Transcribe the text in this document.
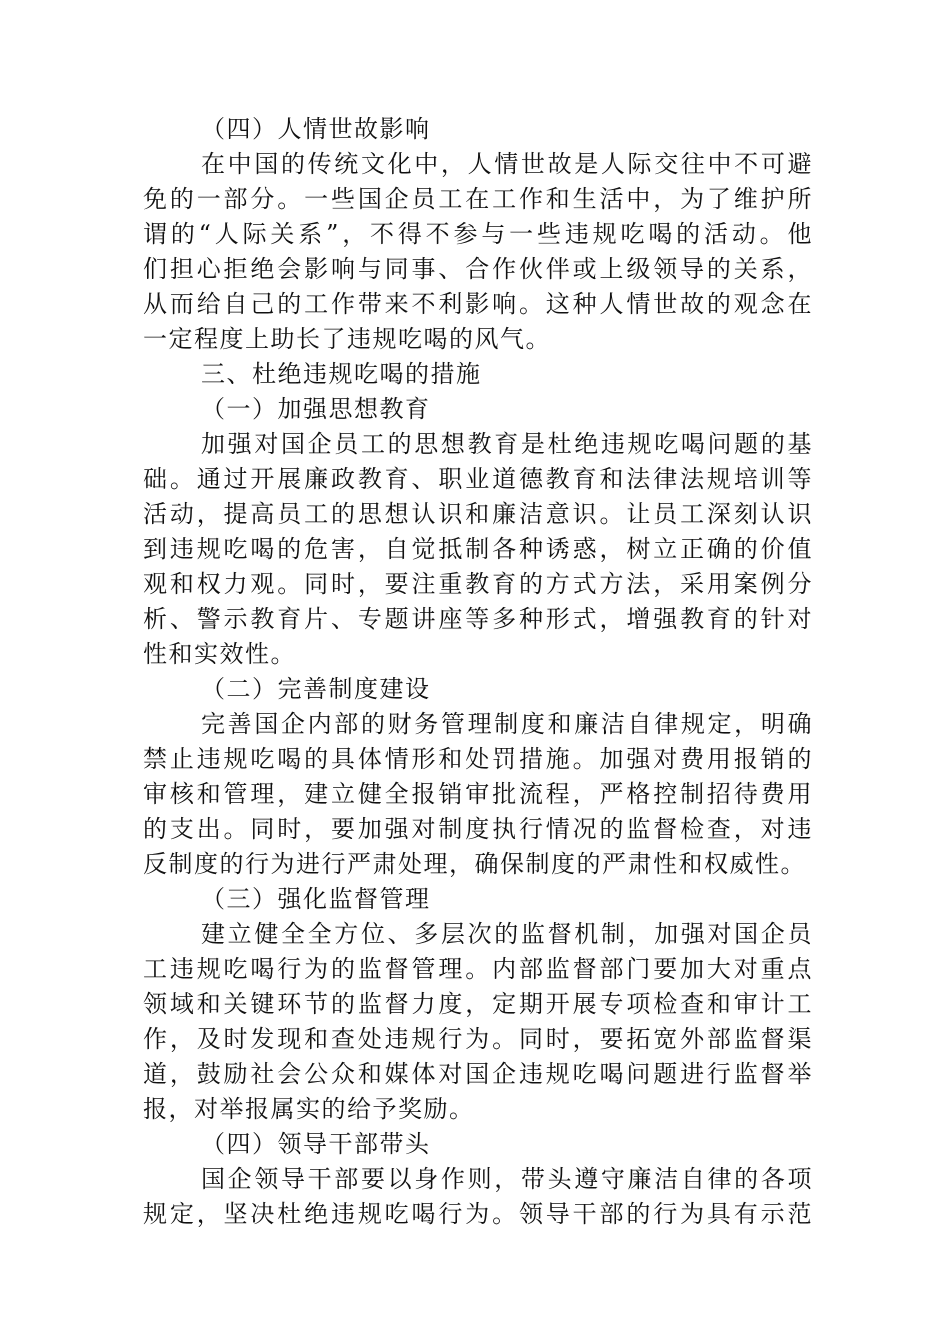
（四）人情世故影响
在中国的传统文化中，人情世故是人际交往中不可避
免的一部分。一些国企员工在工作和生活中，为了维护所
谓的“人际关系”，不得不参与一些违规吃喝的活动。他
们担心拒绝会影响与同事、合作伙伴或上级领导的关系，
从而给自己的工作带来不利影响。这种人情世故的观念在
一定程度上助长了违规吃喝的风气。
三、杜绝违规吃喝的措施
（一）加强思想教育
加强对国企员工的思想教育是杜绝违规吃喝问题的基
础。通过开展廉政教育、职业道德教育和法律法规培训等
活动，提高员工的思想认识和廉洁意识。让员工深刻认识
到违规吃喝的危害，自觉抵制各种诱惑，树立正确的价值
观和权力观。同时，要注重教育的方式方法，采用案例分
析、警示教育片、专题讲座等多种形式，增强教育的针对
性和实效性。
（二）完善制度建设
完善国企内部的财务管理制度和廉洁自律规定，明确
禁止违规吃喝的具体情形和处罚措施。加强对费用报销的
审核和管理，建立健全报销审批流程，严格控制招待费用
的支出。同时，要加强对制度执行情况的监督检查，对违
反制度的行为进行严肃处理，确保制度的严肃性和权威性。
（三）强化监督管理
建立健全全方位、多层次的监督机制，加强对国企员
工违规吃喝行为的监督管理。内部监督部门要加大对重点
领域和关键环节的监督力度，定期开展专项检查和审计工
作，及时发现和查处违规行为。同时，要拓宽外部监督渠
道，鼓励社会公众和媒体对国企违规吃喝问题进行监督举
报，对举报属实的给予奖励。
（四）领导干部带头
国企领导干部要以身作则，带头遵守廉洁自律的各项
规定，坚决杜绝违规吃喝行为。领导干部的行为具有示范
